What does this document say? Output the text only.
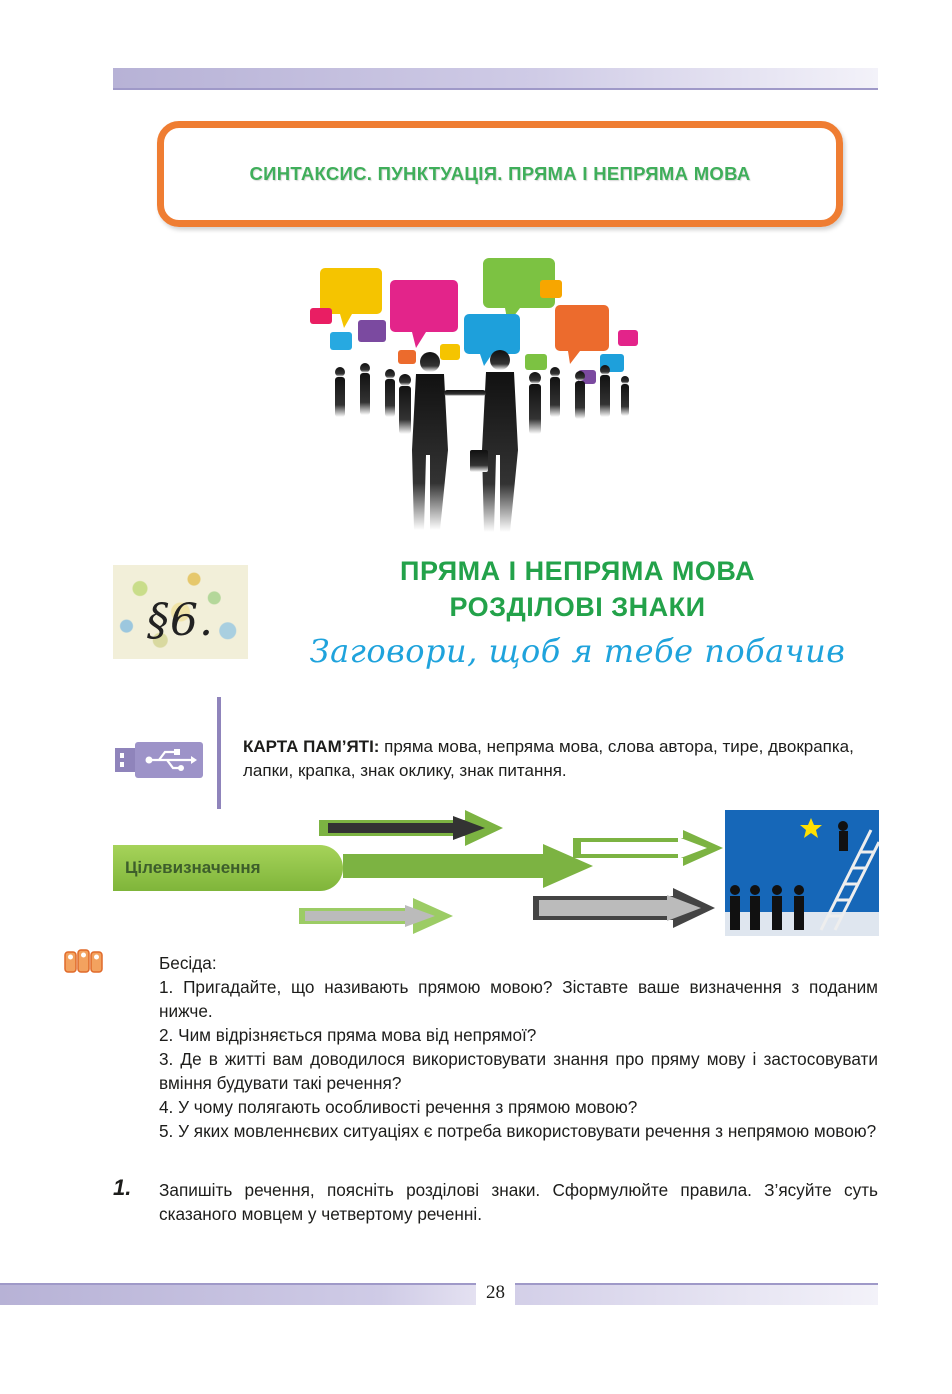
СИНТАКСИС. ПУНКТУАЦІЯ. ПРЯМА І НЕПРЯМА МОВА
§6.
ПРЯМА І НЕПРЯМА МОВА
РОЗДІЛОВІ ЗНАКИ
Заговори, щоб я тебе побачив
КАРТА ПАМ’ЯТІ: пряма мова, непряма мова, слова автора, тире, двокрапка, лапки, крапка, знак оклику, знак питання.
Цілевизначення

Бесіда:

1. Пригадайте, що називають прямою мовою? Зіставте ваше визначення з поданим нижче.

2. Чим відрізняється пряма мова від непрямої?

3. Де в житті вам доводилося використовувати знання про пряму мову і застосовувати вміння будувати такі речення?

4. У чому полягають особливості речення з прямою мовою?

5. У яких мовленнєвих ситуаціях є потреба використовувати речення з непрямою мовою?

1. Запишіть речення, поясніть розділові знаки. Сформулюйте правила. З’ясуйте суть сказаного мовцем у четвертому реченні.
28
